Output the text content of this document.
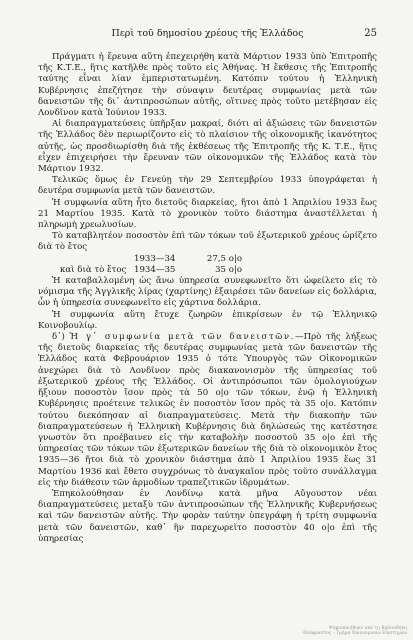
Περὶ τοῦ δημοσίου χρέους τῆς Ἑλλάδος	25

Πράγματι ἡ ἔρευνα αὕτη ἐπεχειρήθη κατὰ Μάρτιον 1933 ὑπὸ Ἐπιτροπῆς τῆς Κ.Τ.Ε., ἥτις κατῆλθε πρὸς τοῦτο εἰς Ἀθήνας. Ἡ ἔκθεσις τῆς Ἐπιτροπῆς ταύτης εἶναι λίαν ἐμπεριστατωμένη. Κατόπιν τούτου ἡ Ἑλληνικὴ Κυβέρνησις ἐπεζήτησε τὴν σύναψιν δευτέρας συμφωνίας μετὰ τῶν δανειστῶν τῆς δι᾽ ἀντιπροσώπων αὐτῆς, οἵτινες πρὸς τοῦτο μετέβησαν εἰς Λονδῖνον κατὰ Ἰούνιον 1933.

Αἱ διαπραγματεύσεις ὑπῆρξαν μακραί, διότι αἱ ἀξιώσεις τῶν δανειστῶν τῆς Ἑλλάδος δὲν περιωρίζοντο εἰς τὸ πλαίσιον τῆς οἰκονομικῆς ἱκανότητος αὐτῆς, ὡς προσδιωρίσθη διὰ τῆς ἐκθέσεως τῆς Ἐπιτροπῆς τῆς Κ. Τ.Ε., ἥτις εἶχεν ἐπιχειρήσει τὴν ἔρευναν τῶν οἰκονομικῶν τῆς Ἑλλάδος κατὰ τὸν Μάρτιον 1932.

Τελικῶς ὅμως ἐν Γενεύῃ τὴν 29 Σεπτεμβρίου 1933 ὑπογράφεται ἡ δευτέρα συμφωνία μετὰ τῶν δανειστῶν.

Ἡ συμφωνία αὕτη ἦτο διετοῦς διαρκείας, ἤτοι ἀπὸ 1 Ἀπριλίου 1933 ἕως 21 Μαρτίου 1935. Κατὰ τὸ χρονικὸν τοῦτο διάστημα ἀναστέλλεται ἡ πληρωμὴ χρεωλυσίων.

Τὸ καταβλητέον ποσοστὸν ἐπὶ τῶν τόκων τοῦ ἐξωτερικοῦ χρέους ὡρίζετο διὰ τὸ ἔτος

1933—34	27,5 ο|ο
καὶ διὰ τὸ ἔτος 1934—35	35 ο|ο

Ἡ καταβαλλομένη ὡς ἄνω ὑπηρεσία συνεφωνεῖτο ὅτι ὠφείλετο εἰς τὸ νόμισμα τῆς Ἀγγλικῆς λίρας (χαρτίνης) ἐξαιρέσει τῶν δανείων εἰς δολλάρια, ὧν ἡ ὑπηρεσία συνεφωνεῖτο εἰς χάρτινα δολλάρια.

Ἡ συμφωνία αὕτη ἔτυχε ζωηρῶν ἐπικρίσεων ἐν τῷ Ἑλληνικῷ Κοινοβουλίῳ.

δ᾽) Ἡ γ᾽ συμφωνία μετὰ τῶν δανειστῶν.—Πρὸ τῆς λήξεως τῆς διετοῦς διαρκείας τῆς δευτέρας συμφωνίας μετὰ τῶν δανειστῶν τῆς Ἑλλάδος κατὰ Φεβρουάριον 1935 ὁ τότε Ὑπουργὸς τῶν Οἰκονομικῶν ἀνεχώρει διὰ τὸ Λονδῖνον πρὸς διακανονισμὸν τῆς ὑπηρεσίας τοῦ ἐξωτερικοῦ χρέους τῆς Ἑλλάδος. Οἱ ἀντιπρόσωποι τῶν ὁμολογιούχων ἤξιουν ποσοστὸν ἴσον πρὸς τὰ 50 ο|ο τῶν τόκων, ἐνῷ ἡ Ἑλληνικὴ Κυβέρνησις προέτεινε τελικῶς ἐν ποσοστὸν ἴσον πρὸς τὰ 35 ο|ο. Κατόπιν τούτου διεκόπησαν αἱ διαπραγματεύσεις. Μετὰ τὴν διακοπὴν τῶν διαπραγματεύσεων ἡ Ἑλληνικὴ Κυβέρνησις διὰ δηλώσεώς της κατέστησε γνωστὸν ὅτι προέβαινεν εἰς τὴν καταβολὴν ποσοστοῦ 35 ο|ο ἐπὶ τῆς ὑπηρεσίας τῶν τόκων τῶν ἐξωτερικῶν δανείων τῆς διὰ τὸ οἰκονομικὸν ἔτος 1935—36 ἤτοι διὰ τὸ χρονικὸν διάστημα ἀπὸ 1 Ἀπριλίου 1935 ἕως 31 Μαρτίου 1936 καὶ ἔθετο συγχρόνως τὸ ἀναγκαῖον πρὸς τοῦτο συνάλλαγμα εἰς τὴν διάθεσιν τῶν ἁρμοδίων τραπεζιτικῶν ἱδρυμάτων.

Ἐπηκολούθησαν ἐν Λονδίνῳ κατὰ μῆνα Αὔγουστον νέαι διαπραγματεύσεις μεταξὺ τῶν ἀντιπροσώπων τῆς Ἑλληνικῆς Κυβερνήσεως καὶ τῶν δανειστῶν αὐτῆς. Τὴν φορὰν ταύτην ὑπεγράφη ἡ τρίτη συμφωνία μετὰ τῶν δανειστῶν, καθ᾽ ἣν παρεχωρεῖτο ποσοστὸν 40 ο|ο ἐπὶ τῆς ὑπηρεσίας

Ψηφιοποιήθηκε από τη Βιβλιοθήκη
Θεόφραστος - Τμήμα Οικονομικών Επιστημών
